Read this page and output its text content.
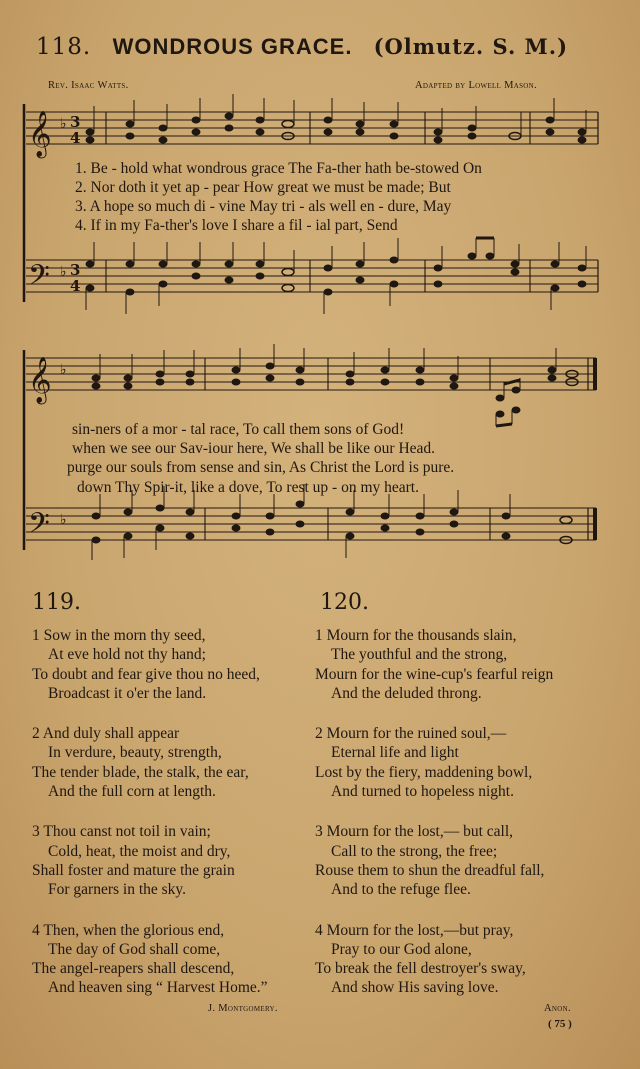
118. WONDROUS GRACE. (Olmutz. S. M.)
Rev. Isaac Watts.	Adapted by Lowell Mason.
𝄞
𝄢
♭
♭
3
4
3
4
1. Be - hold what wondrous grace The Fa-ther hath be-stowed On
2. Nor doth it yet ap - pear How great we must be made; But
3. A hope so much di - vine May tri - als well en - dure, May
4. If in my Fa-ther's love I share a fil - ial part, Send
𝄞
𝄢
♭
♭
sin-ners of a mor - tal race, To call them sons of God!
when we see our Sav-iour here, We shall be like our Head.
purge our souls from sense and sin, As Christ the Lord is pure.
down Thy Spir-it, like a dove, To rest up - on my heart.
119.	120.
1 Sow in the morn thy seed,
At eve hold not thy hand;
To doubt and fear give thou no heed,
Broadcast it o'er the land.
2 And duly shall appear
In verdure, beauty, strength,
The tender blade, the stalk, the ear,
And the full corn at length.
3 Thou canst not toil in vain;
Cold, heat, the moist and dry,
Shall foster and mature the grain
For garners in the sky.
4 Then, when the glorious end,
The day of God shall come,
The angel-reapers shall descend,
And heaven sing “ Harvest Home.”
J. Montgomery.
1 Mourn for the thousands slain,
The youthful and the strong,
Mourn for the wine-cup's fearful reign
And the deluded throng.
2 Mourn for the ruined soul,—
Eternal life and light
Lost by the fiery, maddening bowl,
And turned to hopeless night.
3 Mourn for the lost,— but call,
Call to the strong, the free;
Rouse them to shun the dreadful fall,
And to the refuge flee.
4 Mourn for the lost,—but pray,
Pray to our God alone,
To break the fell destroyer's sway,
And show His saving love.
Anon.
( 75 )
